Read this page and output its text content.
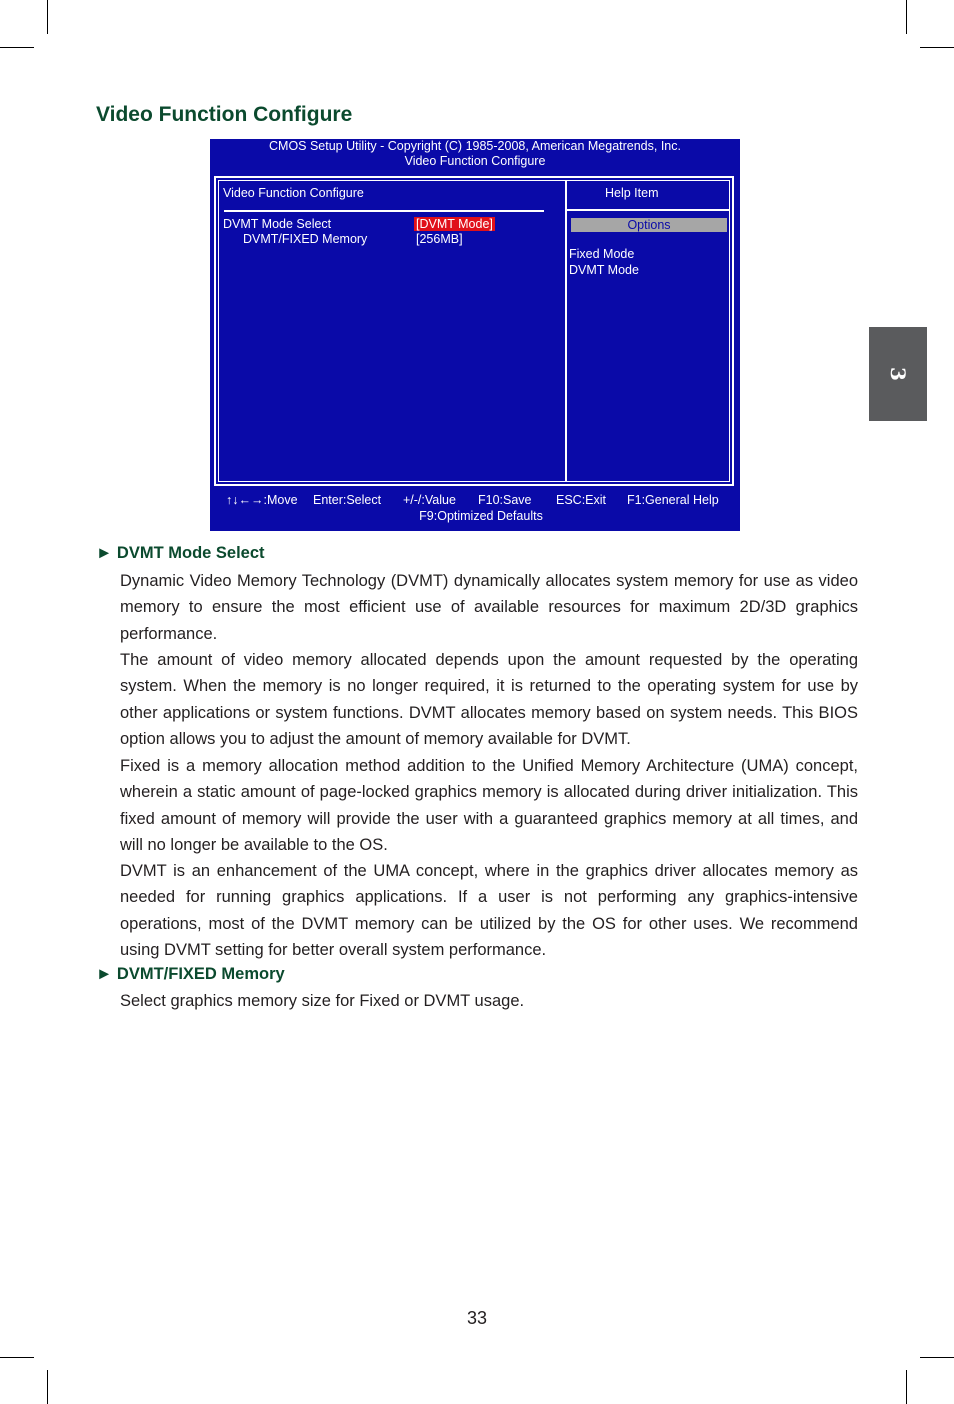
Video Function Configure
3
CMOS Setup Utility - Copyright (C) 1985-2008, American Megatrends, Inc.
Video Function Configure
Video Function Configure	Help Item
DVMT Mode Select	[DVMT Mode]
DVMT/FIXED Memory	[256MB]
Options
Fixed Mode
DVMT Mode
↑↓←→:Move Enter:Select +/-/:Value F10:Save ESC:Exit F1:General Help
F9:Optimized Defaults
► DVMT Mode Select

Dynamic Video Memory Technology (DVMT) dynamically allocates system memory for use as video memory to ensure the most efficient use of available resources for maximum 2D/3D graphics performance.

The amount of video memory allocated depends upon the amount requested by the operating system. When the memory is no longer required, it is returned to the operating system for use by other applications or system functions. DVMT allocates memory based on system needs. This BIOS option allows you to adjust the amount of memory available for DVMT.

Fixed is a memory allocation method addition to the Unified Memory Architecture (UMA) concept, wherein a static amount of page-locked graphics memory is allocated during driver initialization. This fixed amount of memory will provide the user with a guaranteed graphics memory at all times, and will no longer be available to the OS.

DVMT is an enhancement of the UMA concept, where in the graphics driver allocates memory as needed for running graphics applications. If a user is not performing any graphics-intensive operations, most of the DVMT memory can be utilized by the OS for other uses. We recommend using DVMT setting for better overall system performance.

► DVMT/FIXED Memory

Select graphics memory size for Fixed or DVMT usage.

33
